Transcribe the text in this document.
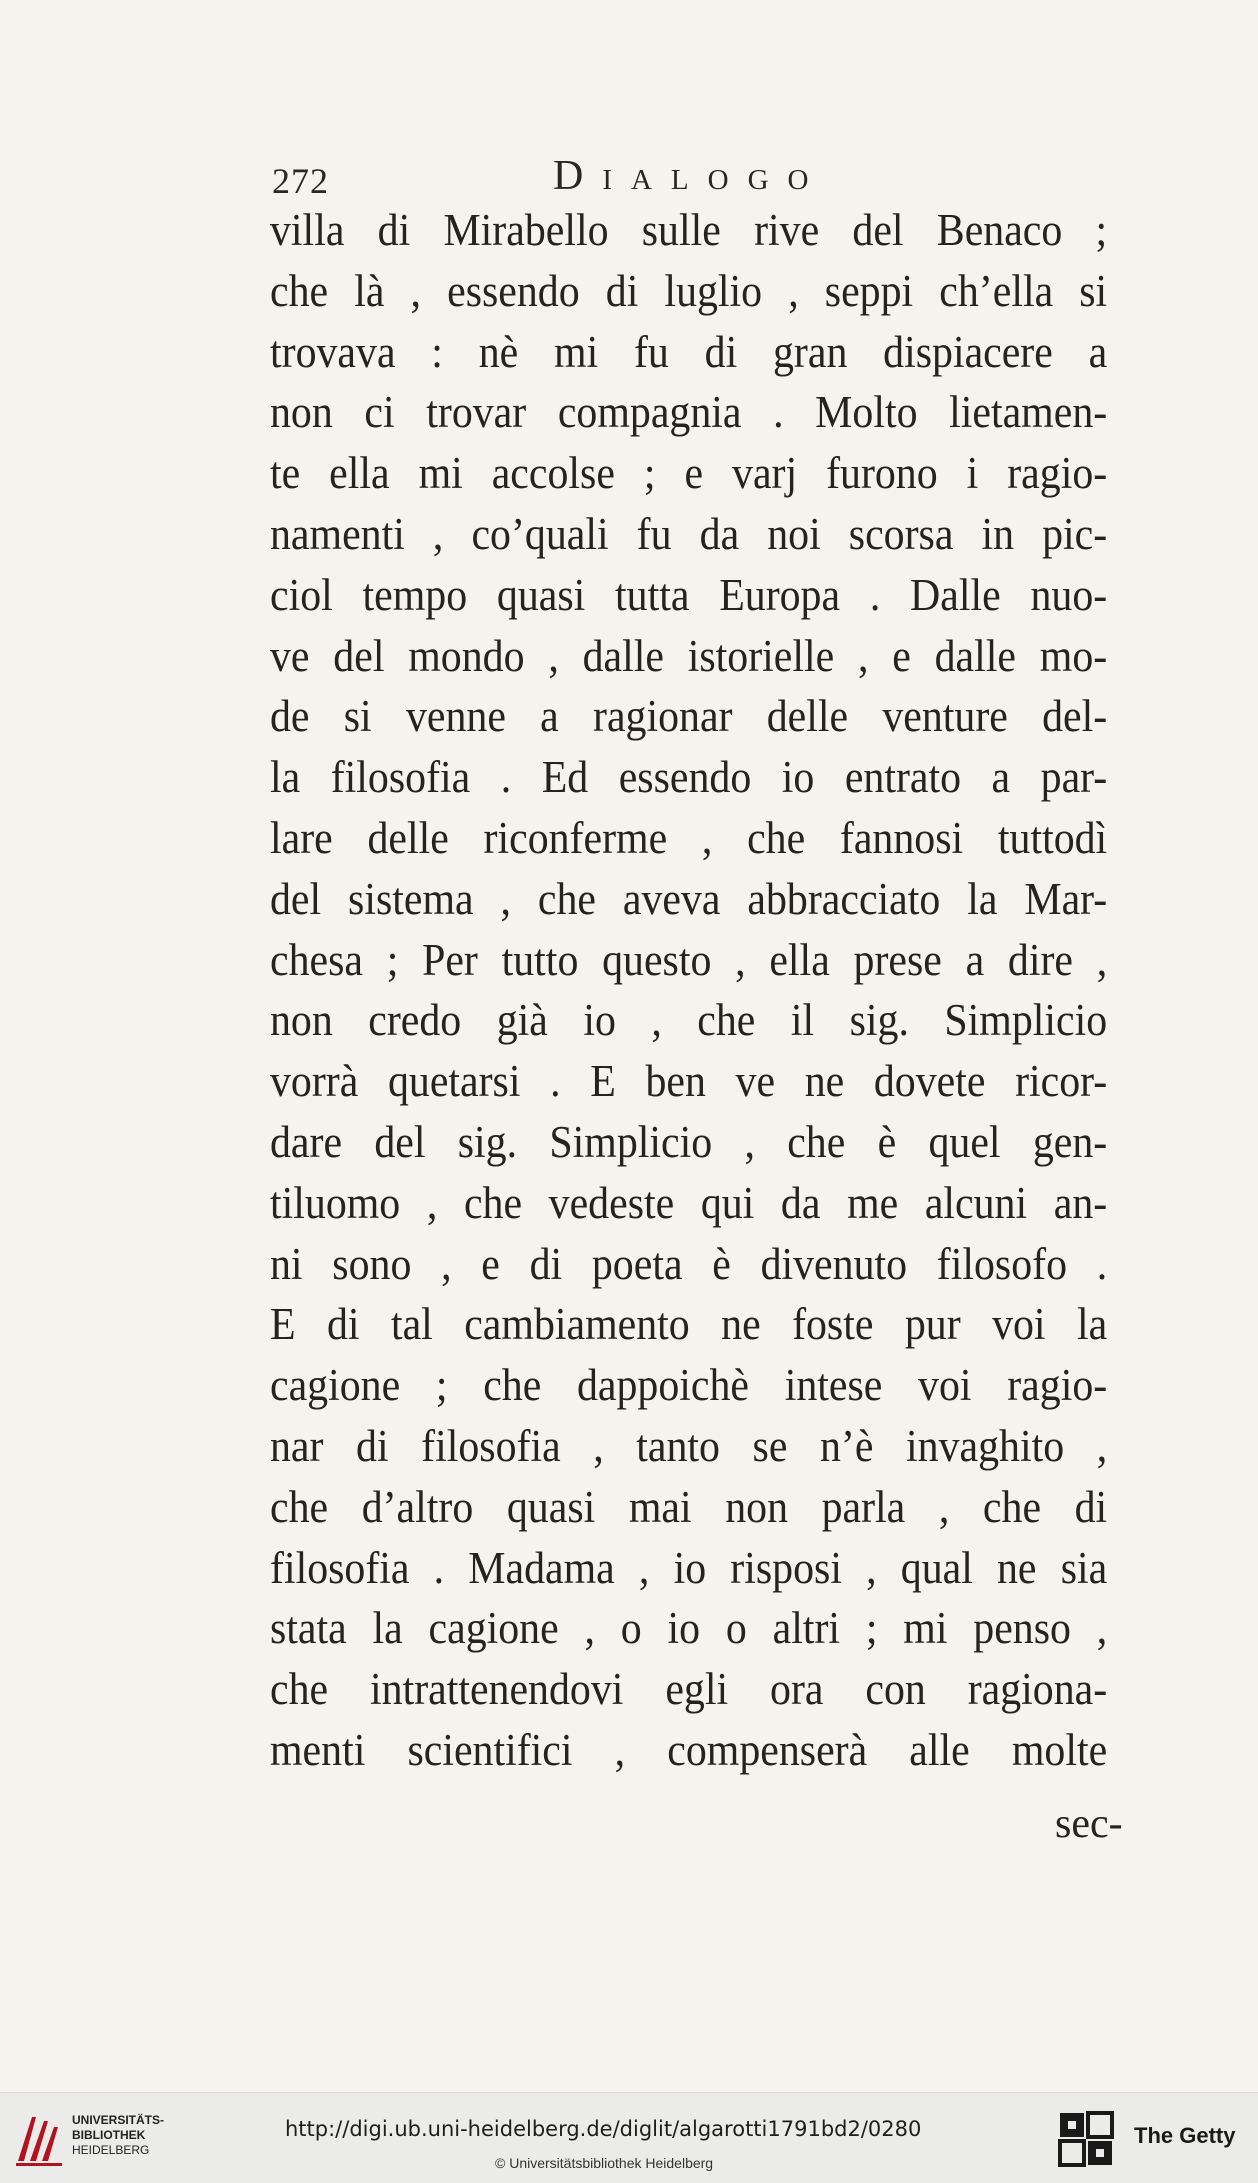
272	Dialogo
villa di Mirabello sulle rive del Benaco ;
che là , essendo di luglio , seppi ch’ella si
trovava : nè mi fu di gran dispiacere a
non ci trovar compagnia . Molto lietamen-
te ella mi accolse ; e varj furono i ragio-
namenti , co’quali fu da noi scorsa in pic-
ciol tempo quasi tutta Europa . Dalle nuo-
ve del mondo , dalle istorielle , e dalle mo-
de si venne a ragionar delle venture del-
la filosofia . Ed essendo io entrato a par-
lare delle riconferme , che fannosi tuttodì
del sistema , che aveva abbracciato la Mar-
chesa ; Per tutto questo , ella prese a dire ,
non credo già io , che il sig. Simplicio
vorrà quetarsi . E ben ve ne dovete ricor-
dare del sig. Simplicio , che è quel gen-
tiluomo , che vedeste qui da me alcuni an-
ni sono , e di poeta è divenuto filosofo .
E di tal cambiamento ne foste pur voi la
cagione ; che dappoichè intese voi ragio-
nar di filosofia , tanto se n’è invaghito ,
che d’altro quasi mai non parla , che di
filosofia . Madama , io risposi , qual ne sia
stata la cagione , o io o altri ; mi penso ,
che intrattenendovi egli ora con ragiona-
menti scientifici , compenserà alle molte
sec-
UNIVERSITÄTS-
BIBLIOTHEK
HEIDELBERG
http://digi.ub.uni-heidelberg.de/diglit/algarotti1791bd2/0280
© Universitätsbibliothek Heidelberg
The Getty
